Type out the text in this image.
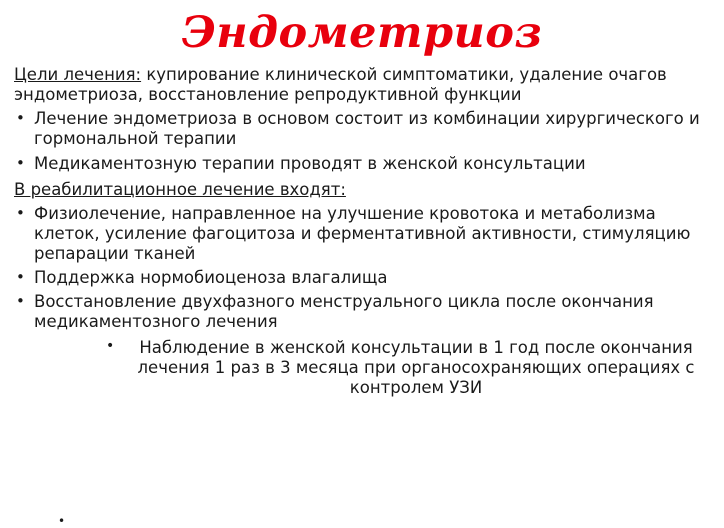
Эндометриоз

Цели лечения: купирование клинической симптоматики, удаление очагов эндометриоза, восстановление репродуктивной функции

• Лечение эндометриоза в основом состоит из комбинации хирургического и гормональной терапии
• Медикаментозную терапии проводят в женской консультации

В реабилитационное лечение входят:

• Физиолечение, направленное на улучшение кровотока и метаболизма клеток, усиление фагоцитоза и ферментативной активности, стимуляцию репарации тканей
• Поддержка нормобиоценоза влагалища
• Восстановление двухфазного менструального цикла после окончания медикаментозного лечения
•	Наблюдение в женской консультации в 1 год после окончания лечения 1 раз в 3 месяца при органосохраняющих операциях с контролем УЗИ
•
